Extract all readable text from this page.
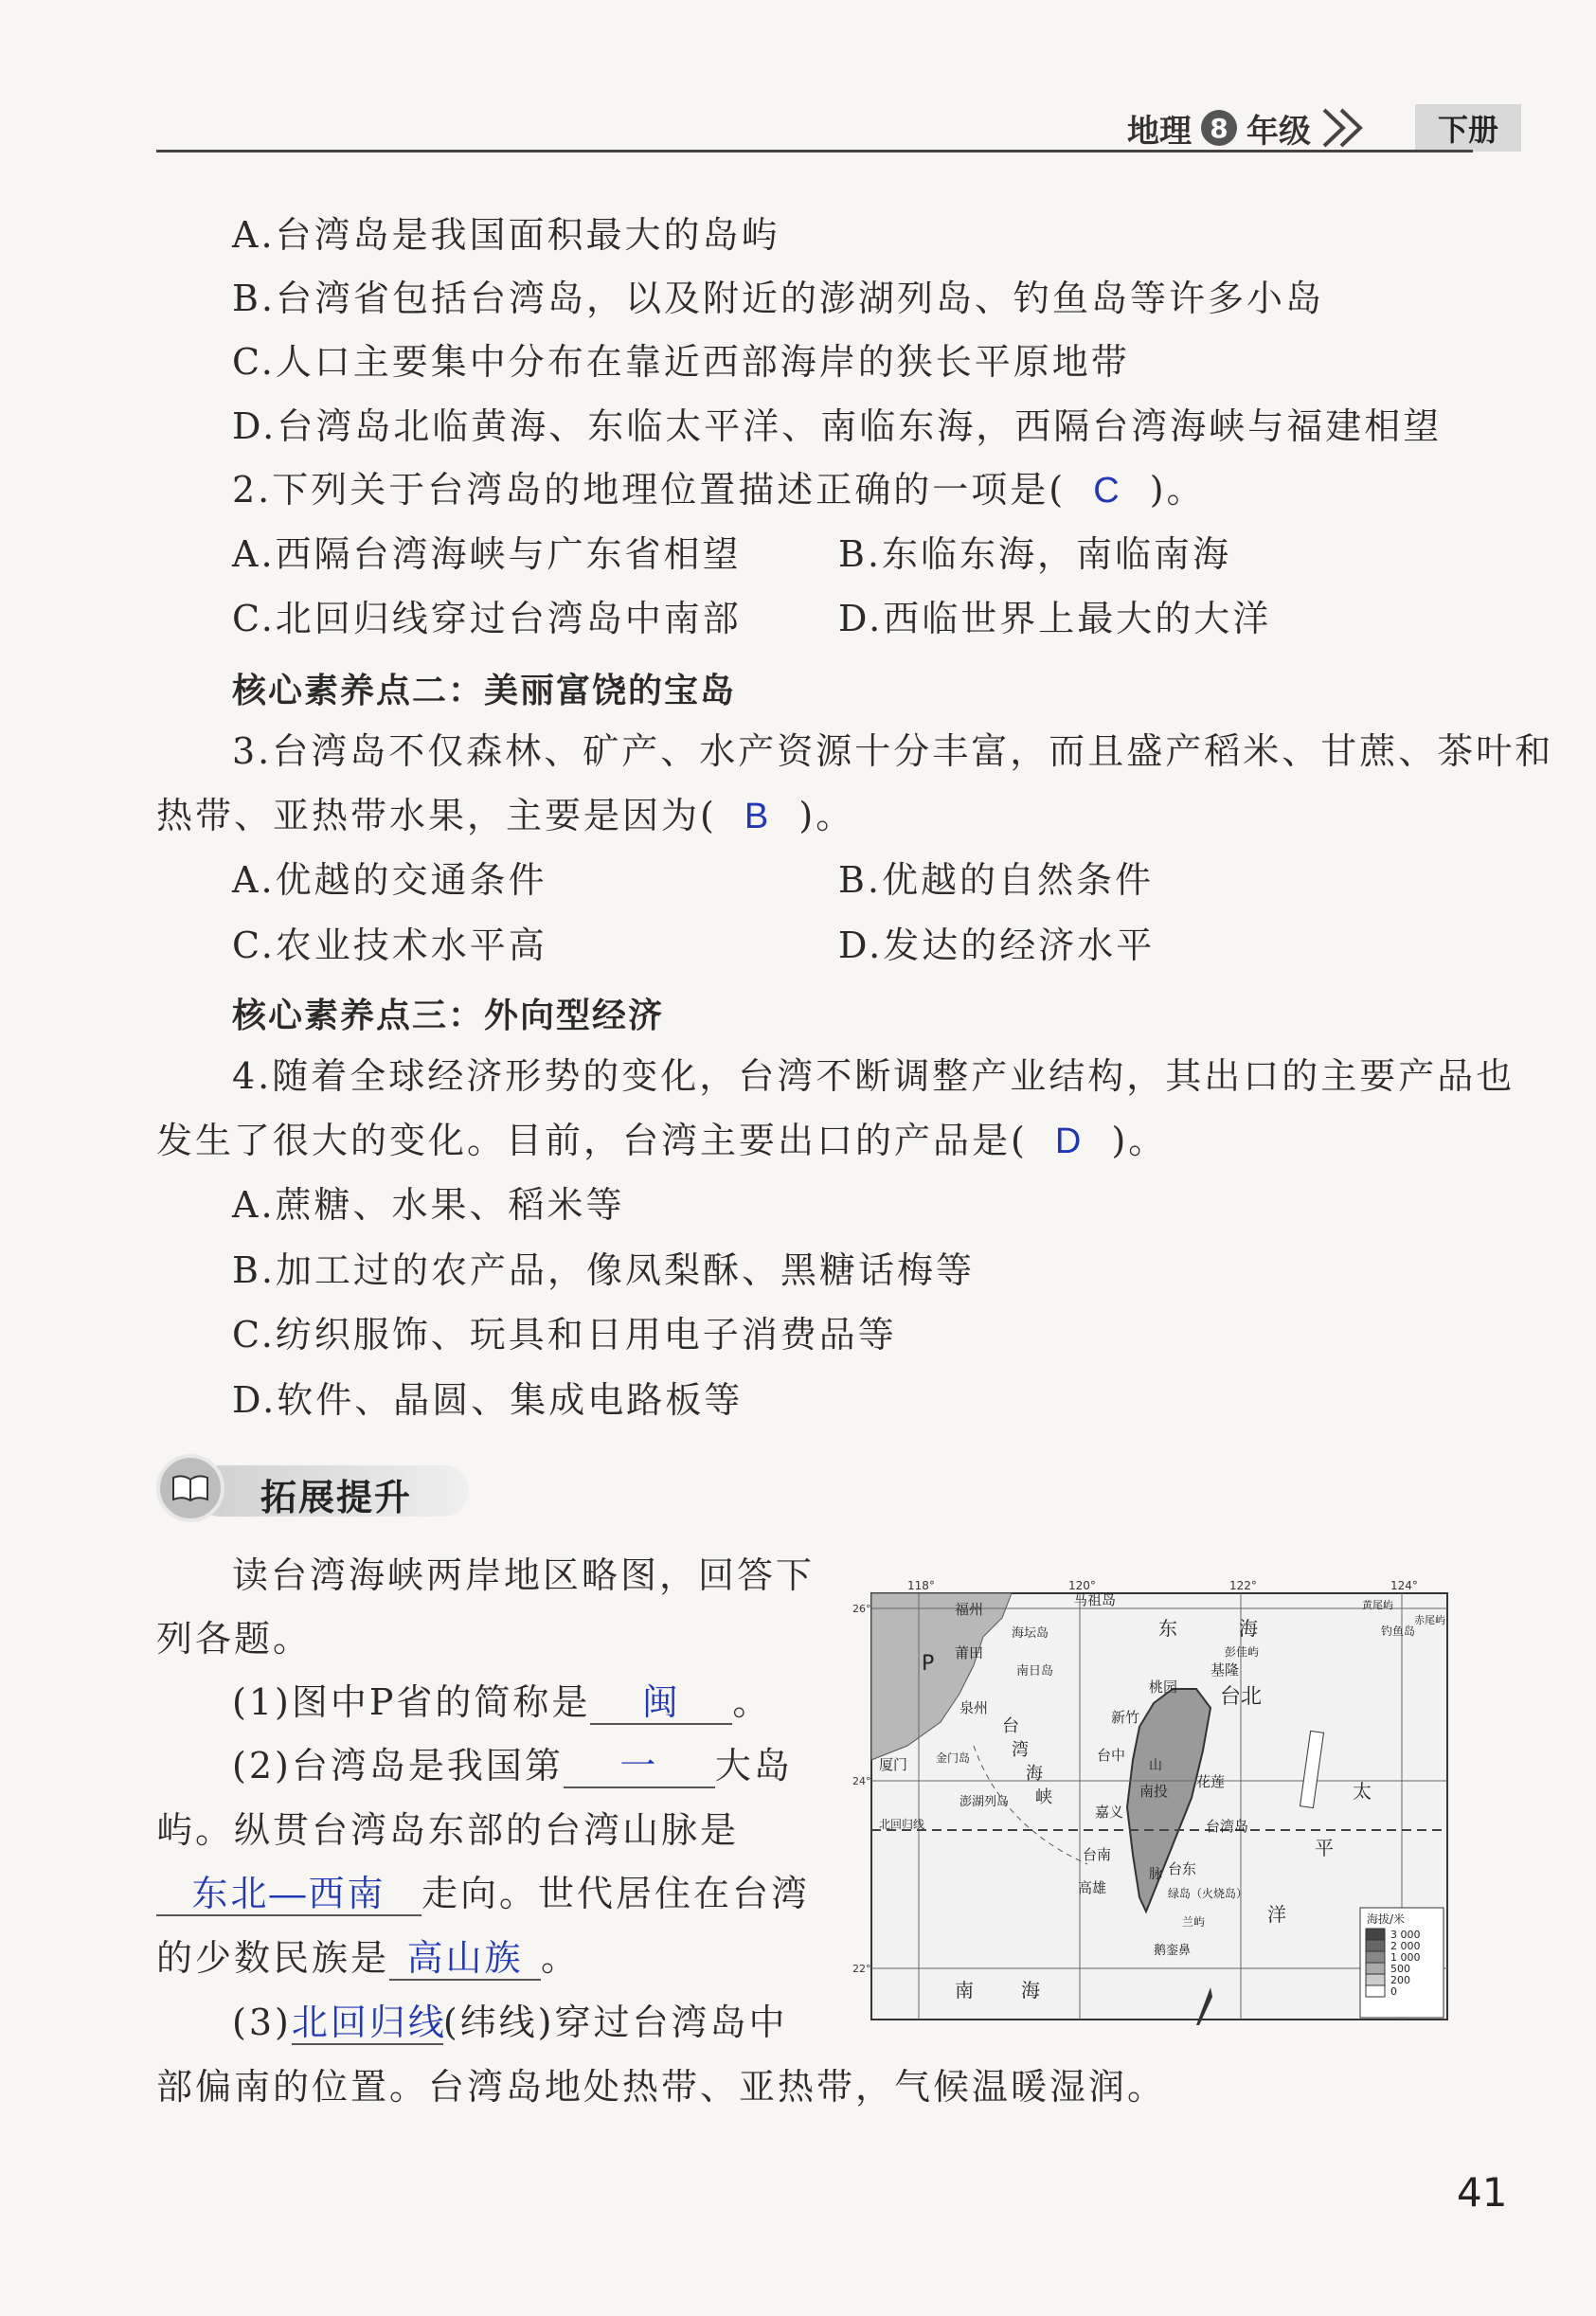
地理 8 年级	下册
A.台湾岛是我国面积最大的岛屿
B.台湾省包括台湾岛，以及附近的澎湖列岛、钓鱼岛等许多小岛
C.人口主要集中分布在靠近西部海岸的狭长平原地带
D.台湾岛北临黄海、东临太平洋、南临东海，西隔台湾海峡与福建相望
2.下列关于台湾岛的地理位置描述正确的一项是( C )。
A.西隔台湾海峡与广东省相望	B.东临东海，南临南海
C.北回归线穿过台湾岛中南部	D.西临世界上最大的大洋
核心素养点二：美丽富饶的宝岛
3.台湾岛不仅森林、矿产、水产资源十分丰富，而且盛产稻米、甘蔗、茶叶和
热带、亚热带水果，主要是因为( B )。
A.优越的交通条件	B.优越的自然条件
C.农业技术水平高	D.发达的经济水平
核心素养点三：外向型经济
4.随着全球经济形势的变化，台湾不断调整产业结构，其出口的主要产品也
发生了很大的变化。目前，台湾主要出口的产品是( D )。
A.蔗糖、水果、稻米等
B.加工过的农产品，像凤梨酥、黑糖话梅等
C.纺织服饰、玩具和日用电子消费品等
D.软件、晶圆、集成电路板等
拓展提升
读台湾海峡两岸地区略图，回答下
列各题。
(1)图中P省的简称是 闽 。
(2)台湾岛是我国第 一 大岛
屿。纵贯台湾岛东部的台湾山脉是
东北—西南 走向。世代居住在台湾
的少数民族是 高山族 。
(3)北回归线(纬线)穿过台湾岛中
部偏南的位置。台湾岛地处热带、亚热带，气候温暖湿润。
118°	120°	122°	124°
福州
马祖岛
钓鱼岛
赤尾屿
黄尾屿
彭佳屿
基隆
台北
桃园
莆田
泉州
厦门 金门岛
新竹
台中
花莲
南投
嘉义
台南
高雄
台东
绿岛（火烧岛）
兰屿
鹅銮鼻
澎湖列岛
台湾岛
北回归线
P
东	海
太
平
洋
南	海
台
湾
海
峡
山
脉
海坛岛
南日岛
26°
24°
22°
海拔/米
3 000
2 000
1 000
500
200
0
41
